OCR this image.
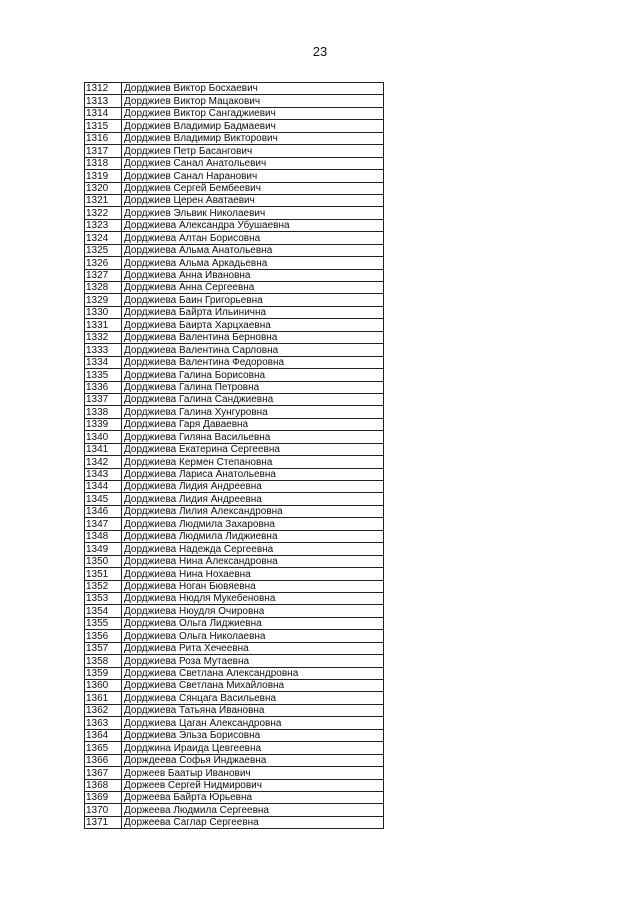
23
1312	Дорджиев Виктор Босхаевич
1313	Дорджиев Виктор Мацакович
1314	Дорджиев Виктор Сангаджиевич
1315	Дорджиев Владимир Бадмаевич
1316	Дорджиев Владимир Викторович
1317	Дорджиев Петр Басангович
1318	Дорджиев Санал Анатольевич
1319	Дорджиев Санал Наранович
1320	Дорджиев Сергей Бембеевич
1321	Дорджиев Церен Аватаевич
1322	Дорджиев Эльвик Николаевич
1323	Дорджиева Александра Убушаевна
1324	Дорджиева Алтан Борисовна
1325	Дорджиева Альма Анатольевна
1326	Дорджиева Альма Аркадьевна
1327	Дорджиева Анна Ивановна
1328	Дорджиева Анна Сергеевна
1329	Дорджиева Баин Григорьевна
1330	Дорджиева Байрта Ильинична
1331	Дорджиева Баирта Харцхаевна
1332	Дорджиева Валентина Берновна
1333	Дорджиева Валентина Сарловна
1334	Дорджиева Валентина Федоровна
1335	Дорджиева Галина Борисовна
1336	Дорджиева Галина Петровна
1337	Дорджиева Галина Санджиевна
1338	Дорджиева Галина Хунгуровна
1339	Дорджиева Гаря Даваевна
1340	Дорджиева Гиляна Васильевна
1341	Дорджиева Екатерина Сергеевна
1342	Дорджиева Кермен Степановна
1343	Дорджиева Лариса Анатольевна
1344	Дорджиева Лидия Андреевна
1345	Дорджиева Лидия Андреевна
1346	Дорджиева Лилия Александровна
1347	Дорджиева Людмила Захаровна
1348	Дорджиева Людмила Лиджиевна
1349	Дорджиева Надежда Сергеевна
1350	Дорджиева Нина Александровна
1351	Дорджиева Нина Нохаевна
1352	Дорджиева Ноган Бювяевна
1353	Дорджиева Нюдля Мукебеновна
1354	Дорджиева Нюудля Очировна
1355	Дорджиева Ольга Лиджиевна
1356	Дорджиева Ольга Николаевна
1357	Дорджиева Рита Хечеевна
1358	Дорджиева Роза Мутаевна
1359	Дорджиева Светлана Александровна
1360	Дорджиева Светлана Михайловна
1361	Дорджиева Сянцага Васильевна
1362	Дорджиева Татьяна Ивановна
1363	Дорджиева Цаган Александровна
1364	Дорджиева Эльза Борисовна
1365	Дорджина Ираида Цевгеевна
1366	Дорждеева Софья Инджаевна
1367	Доржеев Баатыр Иванович
1368	Доржеев Сергей Нидмирович
1369	Доржеева Байрта Юрьевна
1370	Доржеева Людмила Сергеевна
1371	Доржеева Саглар Сергеевна
